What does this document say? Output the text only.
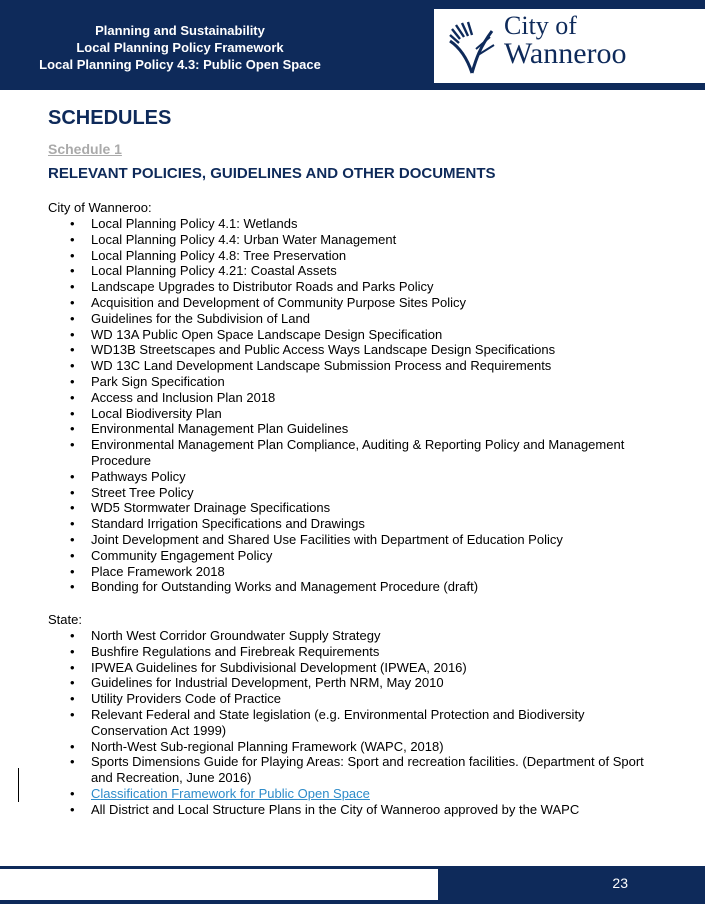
Planning and Sustainability
Local Planning Policy Framework
Local Planning Policy 4.3: Public Open Space
City of
Wanneroo
SCHEDULES
Schedule 1
RELEVANT POLICIES, GUIDELINES AND OTHER DOCUMENTS
City of Wanneroo:
• Local Planning Policy 4.1: Wetlands
• Local Planning Policy 4.4: Urban Water Management
• Local Planning Policy 4.8: Tree Preservation
• Local Planning Policy 4.21: Coastal Assets
• Landscape Upgrades to Distributor Roads and Parks Policy
• Acquisition and Development of Community Purpose Sites Policy
• Guidelines for the Subdivision of Land
• WD 13A Public Open Space Landscape Design Specification
• WD13B Streetscapes and Public Access Ways Landscape Design Specifications
• WD 13C Land Development Landscape Submission Process and Requirements
• Park Sign Specification
• Access and Inclusion Plan 2018
• Local Biodiversity Plan
• Environmental Management Plan Guidelines
• Environmental Management Plan Compliance, Auditing & Reporting Policy and Management Procedure
• Pathways Policy
• Street Tree Policy
• WD5 Stormwater Drainage Specifications
• Standard Irrigation Specifications and Drawings
• Joint Development and Shared Use Facilities with Department of Education Policy
• Community Engagement Policy
• Place Framework 2018
• Bonding for Outstanding Works and Management Procedure (draft)
State:
• North West Corridor Groundwater Supply Strategy
• Bushfire Regulations and Firebreak Requirements
• IPWEA Guidelines for Subdivisional Development (IPWEA, 2016)
• Guidelines for Industrial Development, Perth NRM, May 2010
• Utility Providers Code of Practice
• Relevant Federal and State legislation (e.g. Environmental Protection and Biodiversity Conservation Act 1999)
• North-West Sub-regional Planning Framework (WAPC, 2018)
• Sports Dimensions Guide for Playing Areas: Sport and recreation facilities. (Department of Sport and Recreation, June 2016)
• Classification Framework for Public Open Space
• All District and Local Structure Plans in the City of Wanneroo approved by the WAPC
23
